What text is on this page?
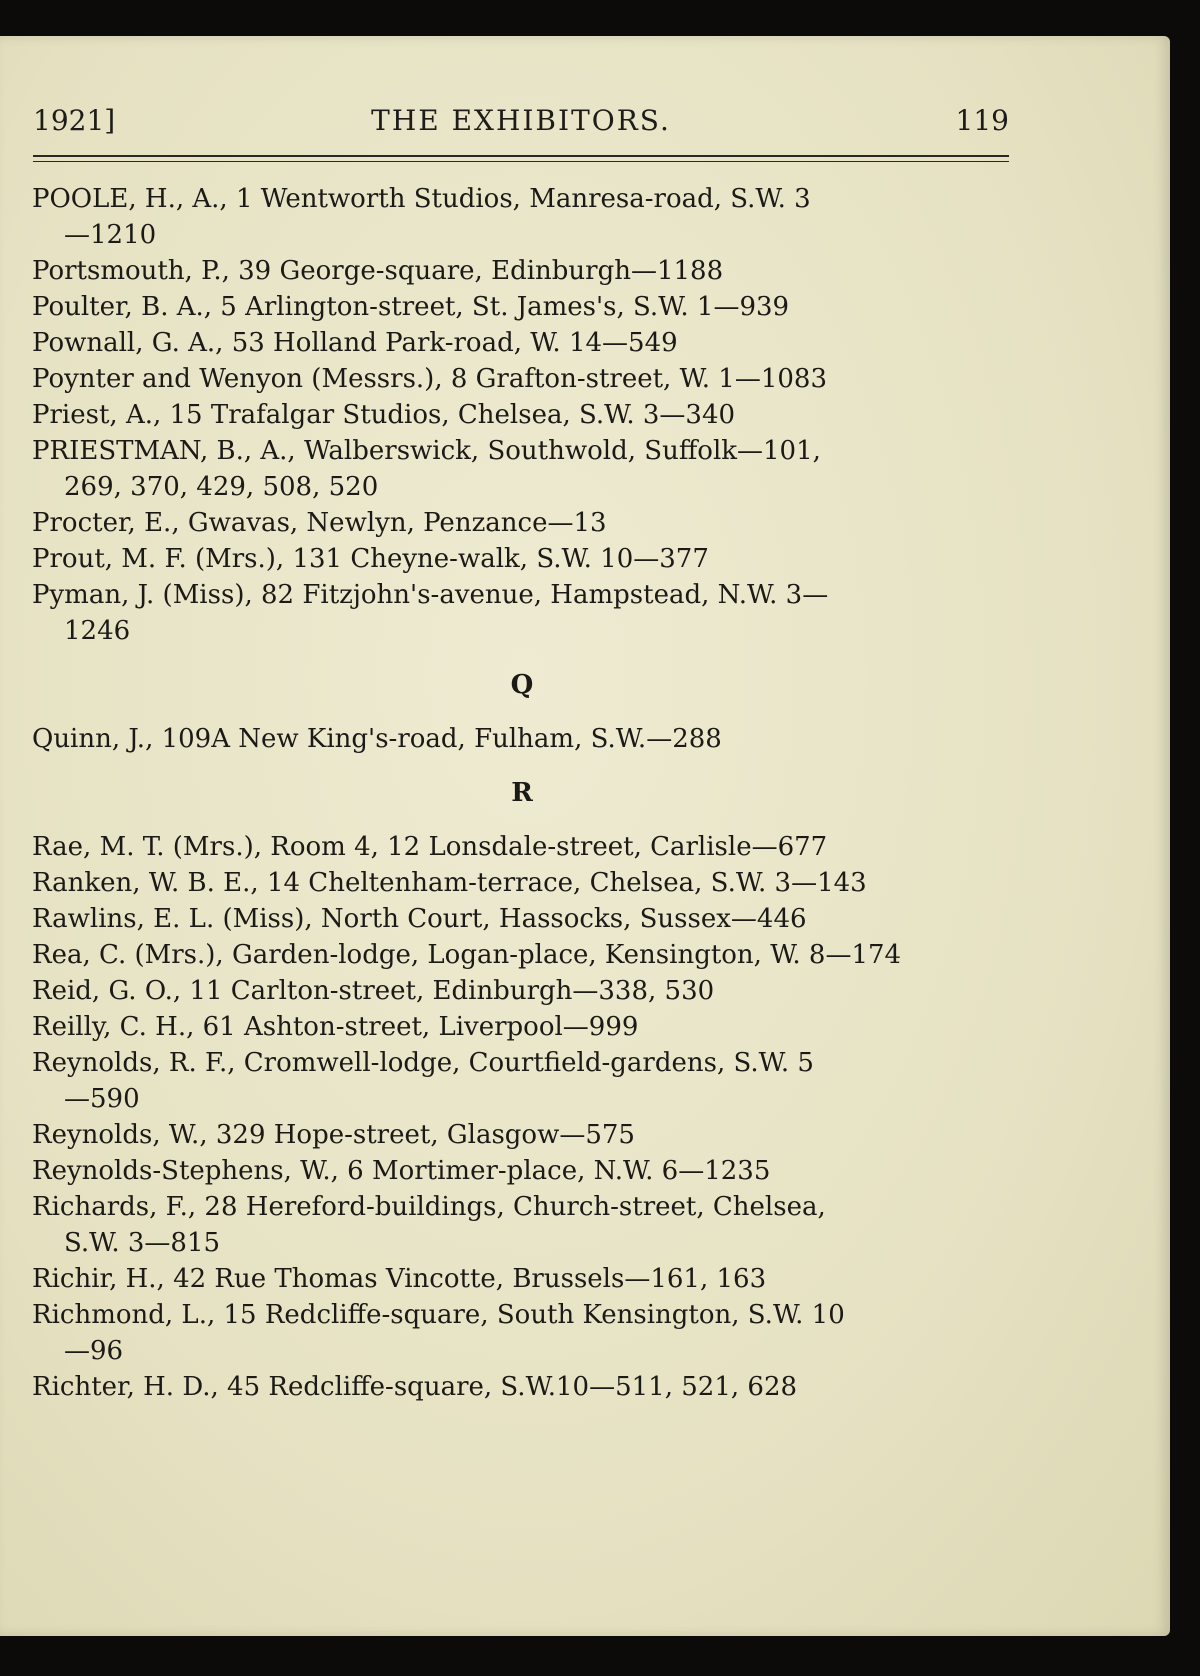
1921]	THE EXHIBITORS.	119
POOLE, H., A., 1 Wentworth Studios, Manresa-road, S.W. 3
—1210
Portsmouth, P., 39 George-square, Edinburgh—1188
Poulter, B. A., 5 Arlington-street, St. James's, S.W. 1—939
Pownall, G. A., 53 Holland Park-road, W. 14—549
Poynter and Wenyon (Messrs.), 8 Grafton-street, W. 1—1083
Priest, A., 15 Trafalgar Studios, Chelsea, S.W. 3—340
PRIESTMAN, B., A., Walberswick, Southwold, Suffolk—101,
269, 370, 429, 508, 520
Procter, E., Gwavas, Newlyn, Penzance—13
Prout, M. F. (Mrs.), 131 Cheyne-walk, S.W. 10—377
Pyman, J. (Miss), 82 Fitzjohn's-avenue, Hampstead, N.W. 3—
1246
Q
Quinn, J., 109A New King's-road, Fulham, S.W.—288
R
Rae, M. T. (Mrs.), Room 4, 12 Lonsdale-street, Carlisle—677
Ranken, W. B. E., 14 Cheltenham-terrace, Chelsea, S.W. 3—143
Rawlins, E. L. (Miss), North Court, Hassocks, Sussex—446
Rea, C. (Mrs.), Garden-lodge, Logan-place, Kensington, W. 8—174
Reid, G. O., 11 Carlton-street, Edinburgh—338, 530
Reilly, C. H., 61 Ashton-street, Liverpool—999
Reynolds, R. F., Cromwell-lodge, Courtfield-gardens, S.W. 5
—590
Reynolds, W., 329 Hope-street, Glasgow—575
Reynolds-Stephens, W., 6 Mortimer-place, N.W. 6—1235
Richards, F., 28 Hereford-buildings, Church-street, Chelsea,
S.W. 3—815
Richir, H., 42 Rue Thomas Vincotte, Brussels—161, 163
Richmond, L., 15 Redcliffe-square, South Kensington, S.W. 10
—96
Richter, H. D., 45 Redcliffe-square, S.W.10—511, 521, 628
